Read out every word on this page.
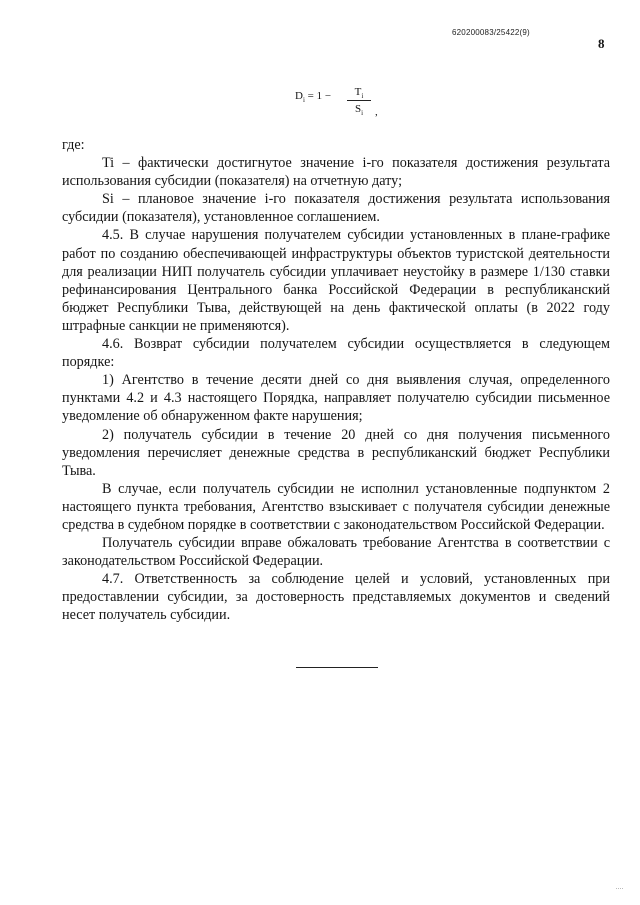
620200083/25422(9)
8
$D_i = 1$ −	$T_i$
$S_i$	,

где:

Ti – фактически достигнутое значение i-го показателя достижения результата использования субсидии (показателя) на отчетную дату;

Si – плановое значение i-го показателя достижения результата использования субсидии (показателя), установленное соглашением.

4.5. В случае нарушения получателем субсидии установленных в плане-графике работ по созданию обеспечивающей инфраструктуры объектов туристской деятельности для реализации НИП получатель субсидии уплачивает неустойку в размере 1/130 ставки рефинансирования Центрального банка Российской Федерации в республиканский бюджет Республики Тыва, действующей на день фактической оплаты (в 2022 году штрафные санкции не применяются).

4.6. Возврат субсидии получателем субсидии осуществляется в следующем порядке:

1) Агентство в течение десяти дней со дня выявления случая, определенного пунктами 4.2 и 4.3 настоящего Порядка, направляет получателю субсидии письменное уведомление об обнаруженном факте нарушения;

2) получатель субсидии в течение 20 дней со дня получения письменного уведомления перечисляет денежные средства в республиканский бюджет Республики Тыва.

В случае, если получатель субсидии не исполнил установленные подпунктом 2 настоящего пункта требования, Агентство взыскивает с получателя субсидии денежные средства в судебном порядке в соответствии с законодательством Российской Федерации.

Получатель субсидии вправе обжаловать требование Агентства в соответствии с законодательством Российской Федерации.

4.7. Ответственность за соблюдение целей и условий, установленных при предоставлении субсидии, за достоверность представляемых документов и сведений несет получатель субсидии.
